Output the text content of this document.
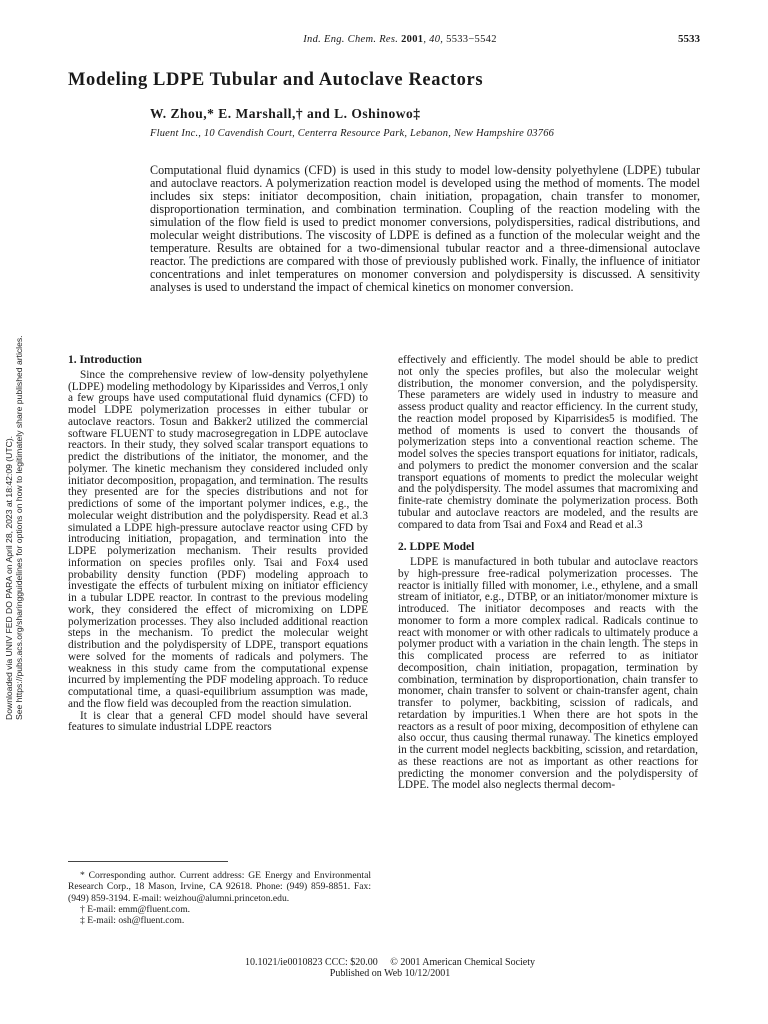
Ind. Eng. Chem. Res. 2001, 40, 5533−5542	5533
Modeling LDPE Tubular and Autoclave Reactors
W. Zhou,* E. Marshall,† and L. Oshinowo‡
Fluent Inc., 10 Cavendish Court, Centerra Resource Park, Lebanon, New Hampshire 03766

Computational fluid dynamics (CFD) is used in this study to model low-density polyethylene (LDPE) tubular and autoclave reactors. A polymerization reaction model is developed using the method of moments. The model includes six steps: initiator decomposition, chain initiation, propagation, chain transfer to monomer, disproportionation termination, and combination termination. Coupling of the reaction modeling with the simulation of the flow field is used to predict monomer conversions, polydispersities, radical distributions, and molecular weight distributions. The viscosity of LDPE is defined as a function of the molecular weight and the temperature. Results are obtained for a two-dimensional tubular reactor and a three-dimensional autoclave reactor. The predictions are compared with those of previously published work. Finally, the influence of initiator concentrations and inlet temperatures on monomer conversion and polydispersity is discussed. A sensitivity analyses is used to understand the impact of chemical kinetics on monomer conversion.

Downloaded via UNIV FED DO PARA on April 28, 2023 at 18:42:09 (UTC). See https://pubs.acs.org/sharingguidelines for options on how to legitimately share published articles.	1. Introduction

Since the comprehensive review of low-density polyethylene (LDPE) modeling methodology by Kiparissides and Verros,1 only a few groups have used computational fluid dynamics (CFD) to model LDPE polymerization processes in either tubular or autoclave reactors. Tosun and Bakker2 utilized the commercial software FLUENT to study macrosegregation in LDPE autoclave reactors. In their study, they solved scalar transport equations to predict the distributions of the initiator, the monomer, and the polymer. The kinetic mechanism they considered included only initiator decomposition, propagation, and termination. The results they presented are for the species distributions and not for predictions of some of the important polymer indices, e.g., the molecular weight distribution and the polydispersity. Read et al.3 simulated a LDPE high-pressure autoclave reactor using CFD by introducing initiation, propagation, and termination into the LDPE polymerization mechanism. Their results provided information on species profiles only. Tsai and Fox4 used probability density function (PDF) modeling approach to investigate the effects of turbulent mixing on initiator efficiency in a tubular LDPE reactor. In contrast to the previous modeling work, they considered the effect of micromixing on LDPE polymerization processes. They also included additional reaction steps in the mechanism. To predict the molecular weight distribution and the polydispersity of LDPE, transport equations were solved for the moments of radicals and polymers. The weakness in this study came from the computational expense incurred by implementing the PDF modeling approach. To reduce computational time, a quasi-equilibrium assumption was made, and the flow field was decoupled from the reaction simulation.

It is clear that a general CFD model should have several features to simulate industrial LDPE reactors

* Corresponding author. Current address: GE Energy and Environmental Research Corp., 18 Mason, Irvine, CA 92618. Phone: (949) 859-8851. Fax: (949) 859-3194. E-mail: weizhou@alumni.princeton.edu.

† E-mail: emm@fluent.com.

‡ E-mail: osh@fluent.com.

effectively and efficiently. The model should be able to predict not only the species profiles, but also the molecular weight distribution, the monomer conversion, and the polydispersity. These parameters are widely used in industry to measure and assess product quality and reactor efficiency. In the current study, the reaction model proposed by Kiparrisides5 is modified. The method of moments is used to convert the thousands of polymerization steps into a conventional reaction scheme. The model solves the species transport equations for initiator, radicals, and polymers to predict the monomer conversion and the scalar transport equations of moments to predict the molecular weight and the polydispersity. The model assumes that macromixing and finite-rate chemistry dominate the polymerization process. Both tubular and autoclave reactors are modeled, and the results are compared to data from Tsai and Fox4 and Read et al.3

2. LDPE Model

LDPE is manufactured in both tubular and autoclave reactors by high-pressure free-radical polymerization processes. The reactor is initially filled with monomer, i.e., ethylene, and a small stream of initiator, e.g., DTBP, or an initiator/monomer mixture is introduced. The initiator decomposes and reacts with the monomer to form a more complex radical. Radicals continue to react with monomer or with other radicals to ultimately produce a polymer product with a variation in the chain length. The steps in this complicated process are referred to as initiator decomposition, chain initiation, propagation, termination by combination, termination by disproportionation, chain transfer to monomer, chain transfer to solvent or chain-transfer agent, chain transfer to polymer, backbiting, scission of radicals, and retardation by impurities.1 When there are hot spots in the reactors as a result of poor mixing, decomposition of ethylene can also occur, thus causing thermal runaway. The kinetics employed in the current model neglects backbiting, scission, and retardation, as these reactions are not as important as other reactions for predicting the monomer conversion and the polydispersity of LDPE. The model also neglects thermal decom-

10.1021/ie0010823 CCC: $20.00     © 2001 American Chemical Society
Published on Web 10/12/2001
